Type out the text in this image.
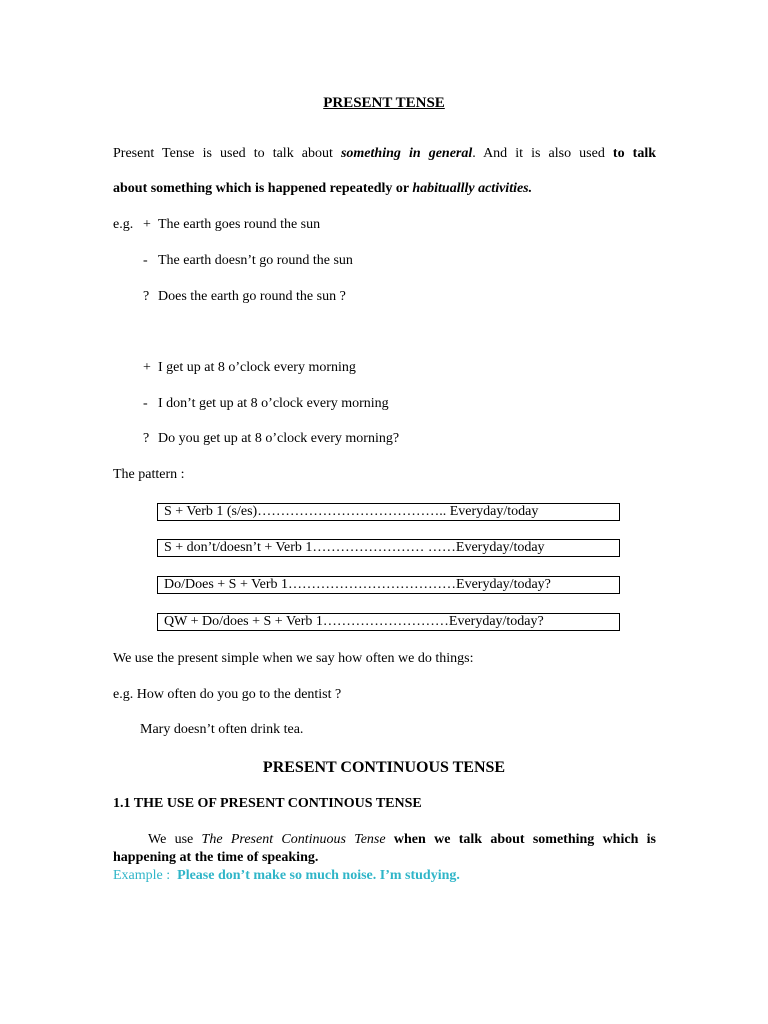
PRESENT TENSE
Present Tense is used to talk about something in general. And it is also used to talk
about something which is happened repeatedly or habituallly activities.
e.g. + The earth goes round the sun
- The earth doesn’t go round the sun
? Does the earth go round the sun ?
+ I get up at 8 o’clock every morning
- I don’t get up at 8 o’clock every morning
? Do you get up at 8 o’clock every morning?
The pattern :
S + Verb 1 (s/es)………………………………….. Everyday/today
S + don’t/doesn’t + Verb 1…………………… ……Everyday/today
Do/Does + S + Verb 1………………………………Everyday/today?
QW + Do/does + S + Verb 1………………………Everyday/today?
We use the present simple when we say how often we do things:
e.g. How often do you go to the dentist ?
Mary doesn’t often drink tea.
PRESENT CONTINUOUS TENSE
1.1 THE USE OF PRESENT CONTINOUS TENSE
We use The Present Continuous Tense when we talk about something which is
happening at the time of speaking.
Example : Please don’t make so much noise. I’m studying.
